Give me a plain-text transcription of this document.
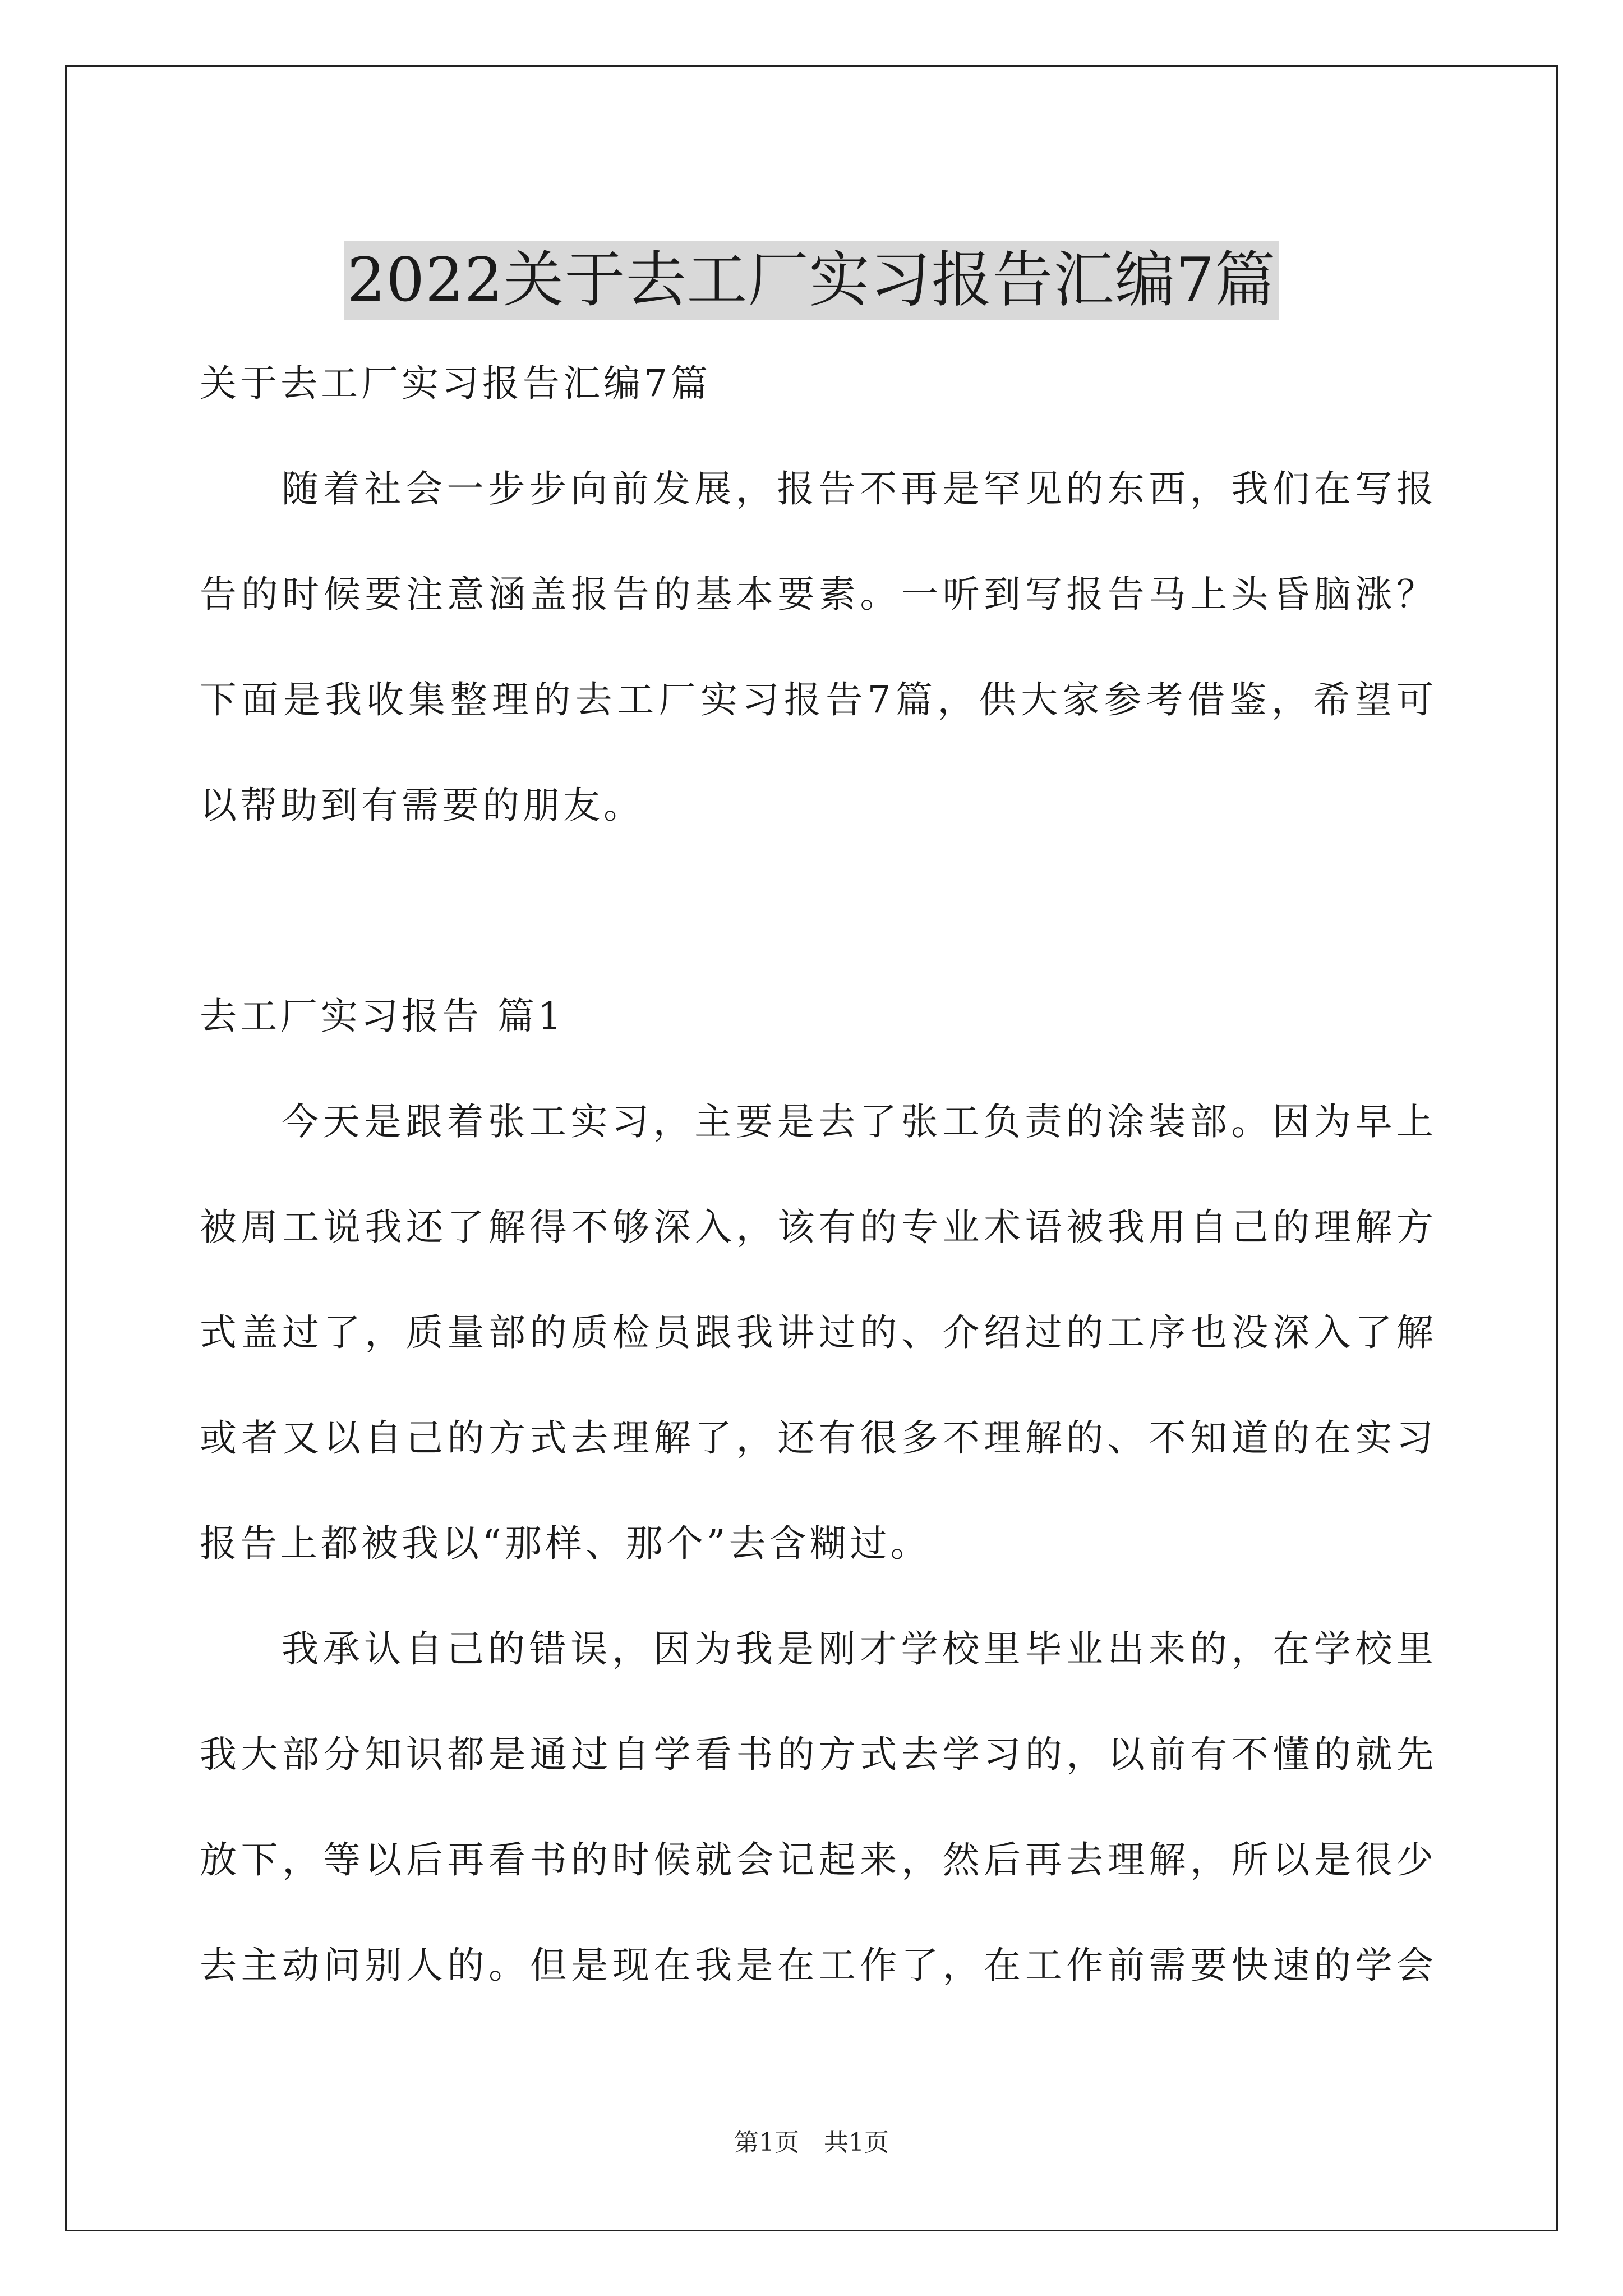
2022关于去工厂实习报告汇编7篇
关于去工厂实习报告汇编7篇
随着社会一步步向前发展，报告不再是罕见的东西，我们在写报
告的时候要注意涵盖报告的基本要素。一听到写报告马上头昏脑涨？
下面是我收集整理的去工厂实习报告7篇，供大家参考借鉴，希望可
以帮助到有需要的朋友。
去工厂实习报告 篇1
今天是跟着张工实习，主要是去了张工负责的涂装部。因为早上
被周工说我还了解得不够深入，该有的专业术语被我用自己的理解方
式盖过了，质量部的质检员跟我讲过的、介绍过的工序也没深入了解
或者又以自己的方式去理解了，还有很多不理解的、不知道的在实习
报告上都被我以“那样、那个”去含糊过。
我承认自己的错误，因为我是刚才学校里毕业出来的，在学校里
我大部分知识都是通过自学看书的方式去学习的，以前有不懂的就先
放下，等以后再看书的时候就会记起来，然后再去理解，所以是很少
去主动问别人的。但是现在我是在工作了，在工作前需要快速的学会
第1页 共1页
